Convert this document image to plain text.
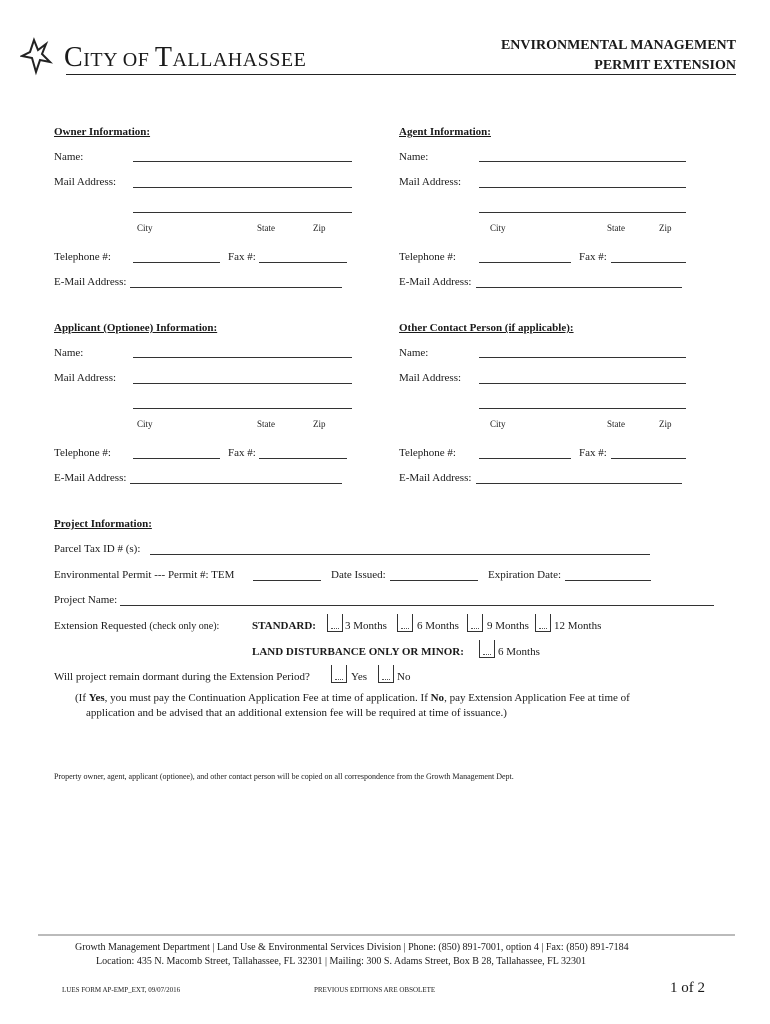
CITY OF TALLAHASSEE
ENVIRONMENTAL MANAGEMENT
PERMIT EXTENSION
Owner Information:
Name:
Mail Address:
City	State	Zip
Telephone #:	Fax #:
E-Mail Address:
Agent Information:
Name:
Mail Address:
City	State	Zip
Telephone #:	Fax #:
E-Mail Address:
Applicant (Optionee) Information:
Name:
Mail Address:
City	State	Zip
Telephone #:	Fax #:
E-Mail Address:
Other Contact Person (if applicable):
Name:
Mail Address:
City	State	Zip
Telephone #:	Fax #:
E-Mail Address:
Project Information:
Parcel Tax ID # (s):
Environmental Permit --- Permit #: TEM	Date Issued:	Expiration Date:
Project Name:
Extension Requested (check only one):	STANDARD:	3 Months	6 Months	9 Months 12 Months
LAND DISTURBANCE ONLY OR MINOR:	6 Months
Will project remain dormant during the Extension Period?	Yes	No
(If Yes, you must pay the Continuation Application Fee at time of application. If No, pay Extension Application Fee at time of
application and be advised that an additional extension fee will be required at time of issuance.)
Property owner, agent, applicant (optionee), and other contact person will be copied on all correspondence from the Growth Management Dept.
Growth Management Department | Land Use & Environmental Services Division | Phone: (850) 891-7001, option 4 | Fax: (850) 891-7184
Location: 435 N. Macomb Street, Tallahassee, FL 32301 | Mailing: 300 S. Adams Street, Box B 28, Tallahassee, FL 32301
LUES FORM AP-EMP_EXT, 09/07/2016	PREVIOUS EDITIONS ARE OBSOLETE	1 of 2
